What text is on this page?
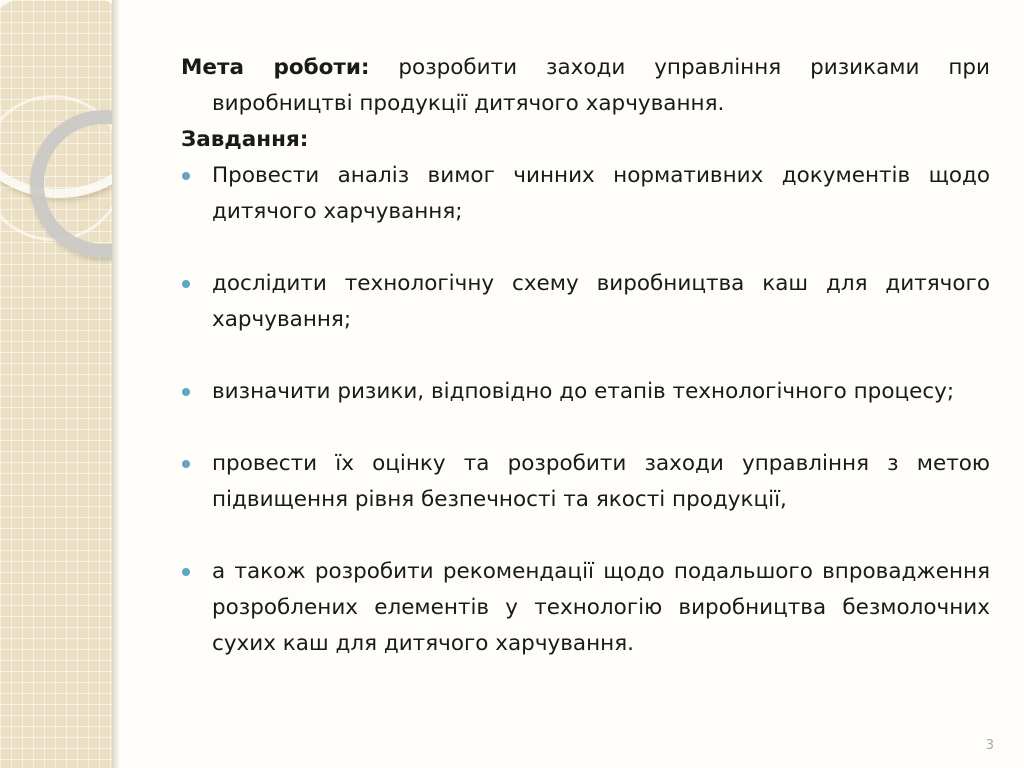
Мета роботи: розробити заходи управління ризиками при виробництві продукції дитячого харчування.

Завдання:

Провести аналіз вимог чинних нормативних документів щодо дитячого харчування;
дослідити технологічну схему виробництва каш для дитячого харчування;
визначити ризики, відповідно до етапів технологічного процесу;
провести їх оцінку та розробити заходи управління з метою підвищення рівня безпечності та якості продукції,
а також розробити рекомендації щодо подальшого впровадження розроблених елементів у технологію виробництва безмолочних сухих каш для дитячого харчування.
3
